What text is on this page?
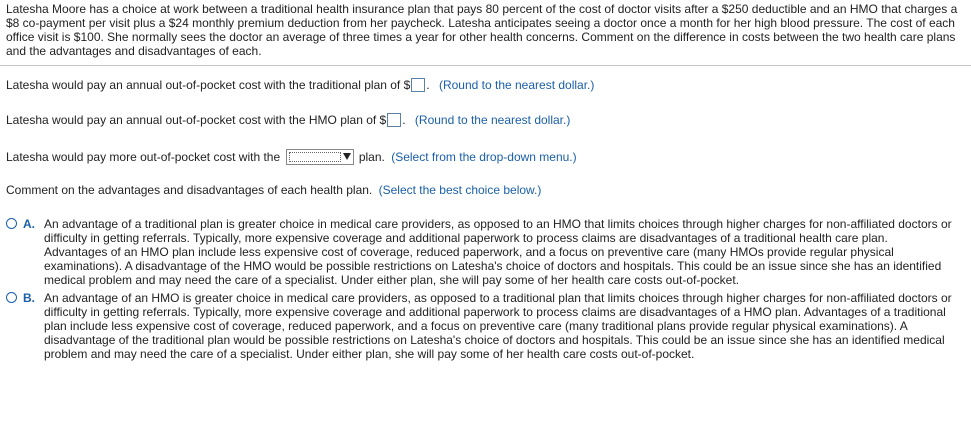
Latesha Moore has a choice at work between a traditional health insurance plan that pays 80 percent of the cost of doctor visits after a $250 deductible and an HMO that charges a $8 co-payment per visit plus a $24 monthly premium deduction from her paycheck. Latesha anticipates seeing a doctor once a month for her high blood pressure. The cost of each office visit is $100. She normally sees the doctor an average of three times a year for other health concerns. Comment on the difference in costs between the two health care plans and the advantages and disadvantages of each.
Latesha would pay an annual out-of-pocket cost with the traditional plan of $ . (Round to the nearest dollar.)
Latesha would pay an annual out-of-pocket cost with the HMO plan of $ . (Round to the nearest dollar.)
Latesha would pay more out-of-pocket cost with the	plan. (Select from the drop-down menu.)
Comment on the advantages and disadvantages of each health plan. (Select the best choice below.)
A. An advantage of a traditional plan is greater choice in medical care providers, as opposed to an HMO that limits choices through higher charges for non-affiliated doctors or difficulty in getting referrals. Typically, more expensive coverage and additional paperwork to process claims are disadvantages of a traditional health care plan.

Advantages of an HMO plan include less expensive cost of coverage, reduced paperwork, and a focus on preventive care (many HMOs provide regular physical examinations). A disadvantage of the HMO would be possible restrictions on Latesha's choice of doctors and hospitals. This could be an issue since she has an identified medical problem and may need the care of a specialist. Under either plan, she will pay some of her health care costs out-of-pocket.

B. An advantage of an HMO is greater choice in medical care providers, as opposed to a traditional plan that limits choices through higher charges for non-affiliated doctors or difficulty in getting referrals. Typically, more expensive coverage and additional paperwork to process claims are disadvantages of a HMO plan. Advantages of a traditional plan include less expensive cost of coverage, reduced paperwork, and a focus on preventive care (many traditional plans provide regular physical examinations). A disadvantage of the traditional plan would be possible restrictions on Latesha's choice of doctors and hospitals. This could be an issue since she has an identified medical problem and may need the care of a specialist. Under either plan, she will pay some of her health care costs out-of-pocket.
